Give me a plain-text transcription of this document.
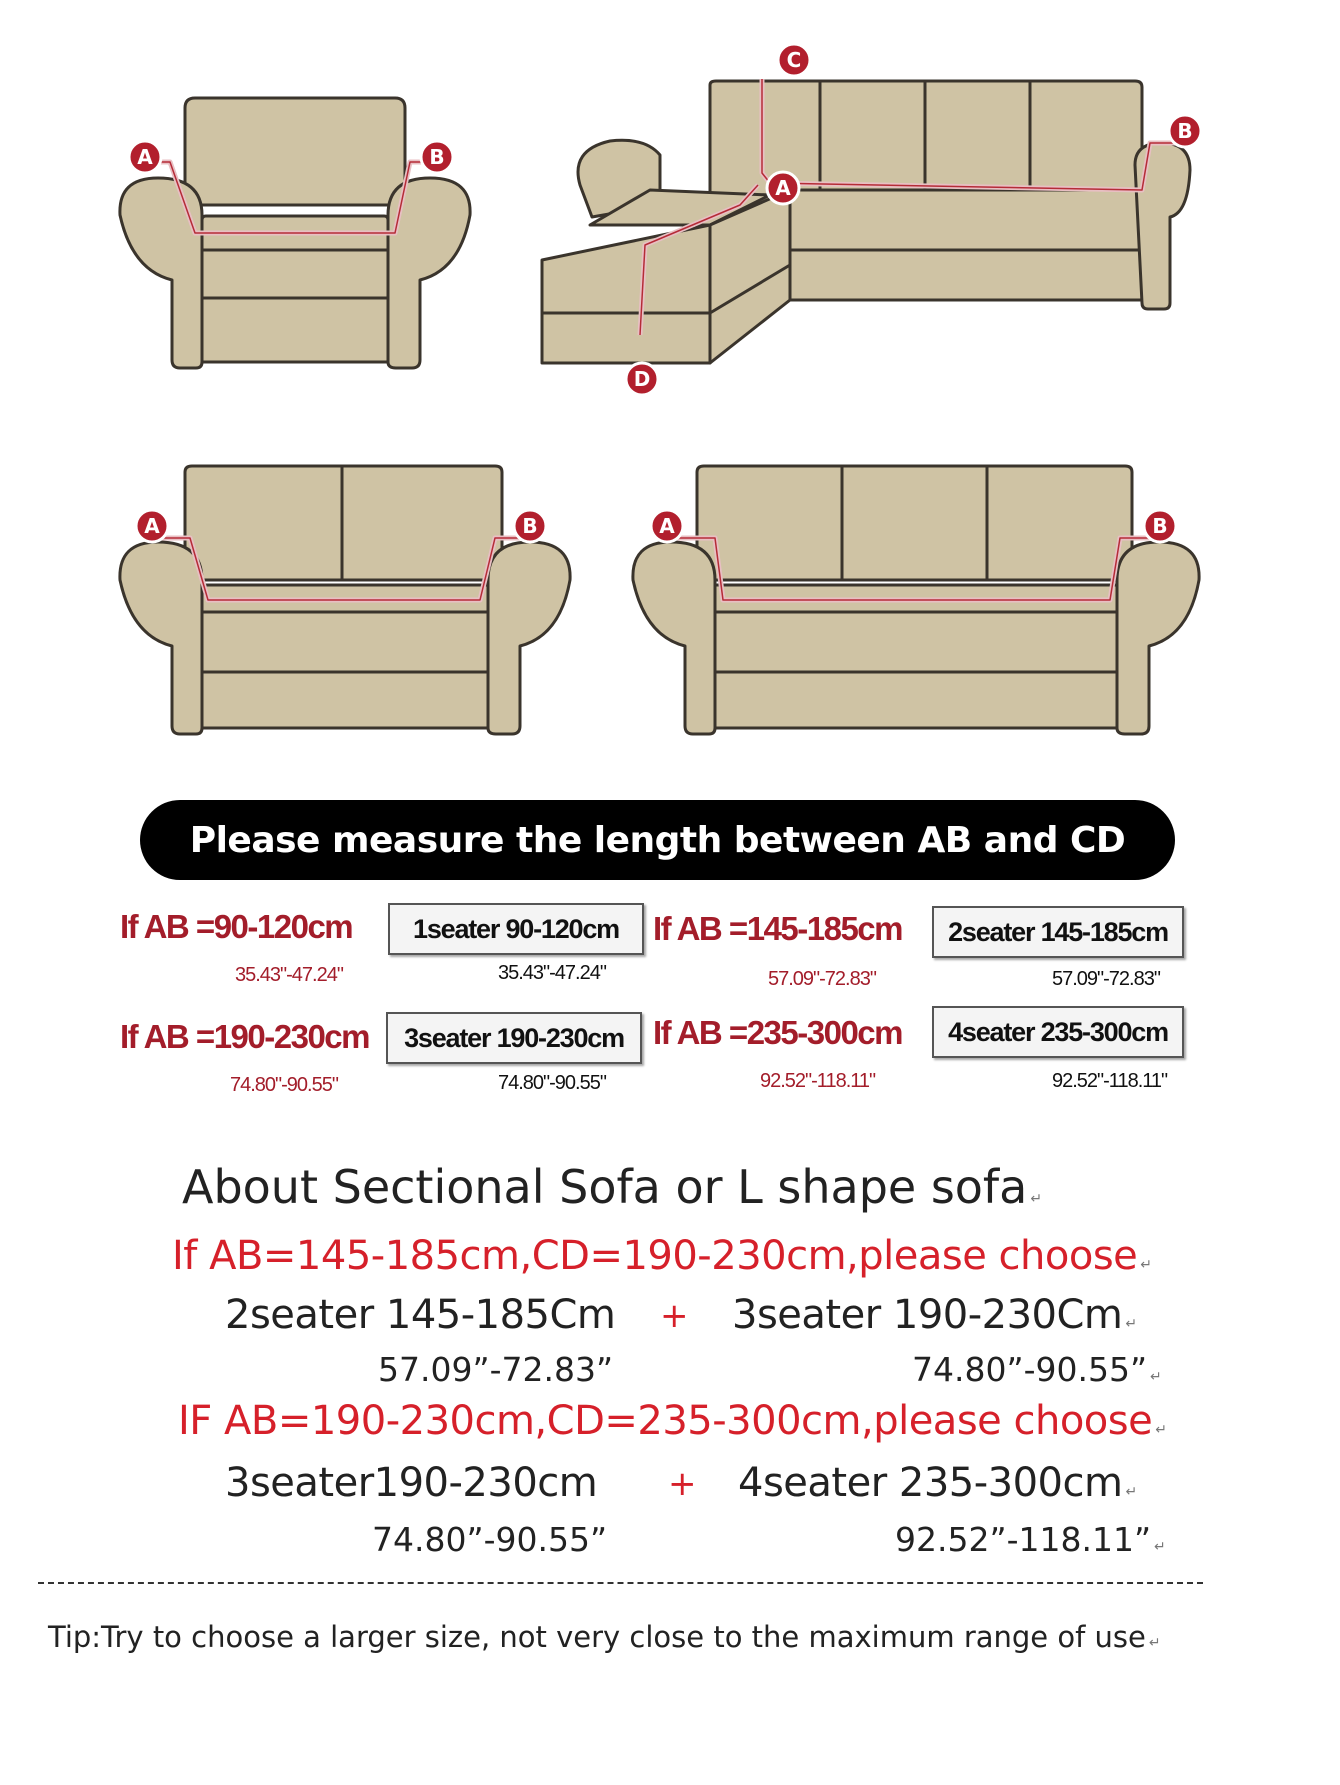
A	B
C
A
B
D
A	B	A	B
Please measure the length between AB and CD
If AB =90-120cm	1seater 90-120cm
35.43"-47.24"	35.43"-47.24"
If AB =145-185cm	2seater 145-185cm
57.09"-72.83"	57.09"-72.83"
If AB =190-230cm	3seater 190-230cm
74.80"-90.55"	74.80"-90.55"
If AB =235-300cm	4seater 235-300cm
92.52"-118.11"	92.52"-118.11"
About Sectional Sofa or L shape sofa ↵
If AB=145-185cm,CD=190-230cm,please choose ↵
2seater 145-185Cm + 3seater 190-230Cm ↵
57.09”-72.83”	74.80”-90.55” ↵
IF AB=190-230cm,CD=235-300cm,please choose ↵
3seater190-230cm + 4seater 235-300cm ↵
74.80”-90.55”	92.52”-118.11” ↵
Tip:Try to choose a larger size, not very close to the maximum range of use ↵
